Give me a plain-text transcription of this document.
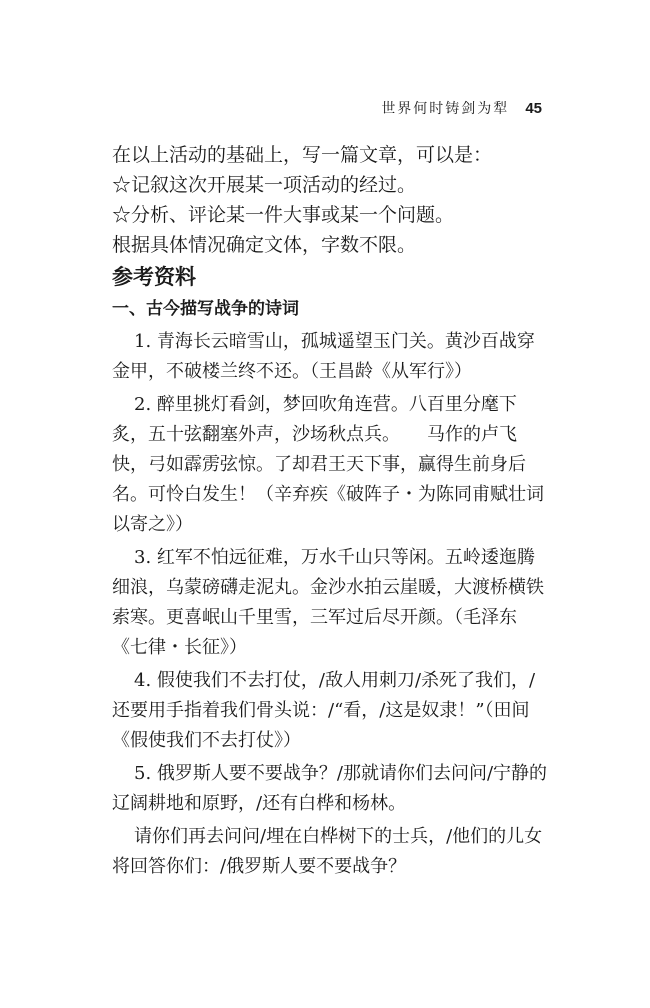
世界何时铸剑为犁 45

在以上活动的基础上，写一篇文章，可以是：

☆记叙这次开展某一项活动的经过。

☆分析、评论某一件大事或某一个问题。

根据具体情况确定文体，字数不限。

参考资料

一、古今描写战争的诗词

1. 青海长云暗雪山，孤城遥望玉门关。黄沙百战穿金甲，不破楼兰终不还。（王昌龄《从军行》）

2. 醉里挑灯看剑，梦回吹角连营。八百里分麾下炙，五十弦翻塞外声，沙场秋点兵。　　马作的卢飞快，弓如霹雳弦惊。了却君王天下事，赢得生前身后名。可怜白发生！（辛弃疾《破阵子・为陈同甫赋壮词以寄之》）

3. 红军不怕远征难，万水千山只等闲。五岭逶迤腾细浪，乌蒙磅礴走泥丸。金沙水拍云崖暖，大渡桥横铁索寒。更喜岷山千里雪，三军过后尽开颜。（毛泽东《七律・长征》）

4. 假使我们不去打仗，/敌人用刺刀/杀死了我们，/还要用手指着我们骨头说：/“看，/这是奴隶！”（田间《假使我们不去打仗》）

5. 俄罗斯人要不要战争？/那就请你们去问问/宁静的辽阔耕地和原野，/还有白桦和杨林。

请你们再去问问/埋在白桦树下的士兵，/他们的儿女将回答你们：/俄罗斯人要不要战争？
